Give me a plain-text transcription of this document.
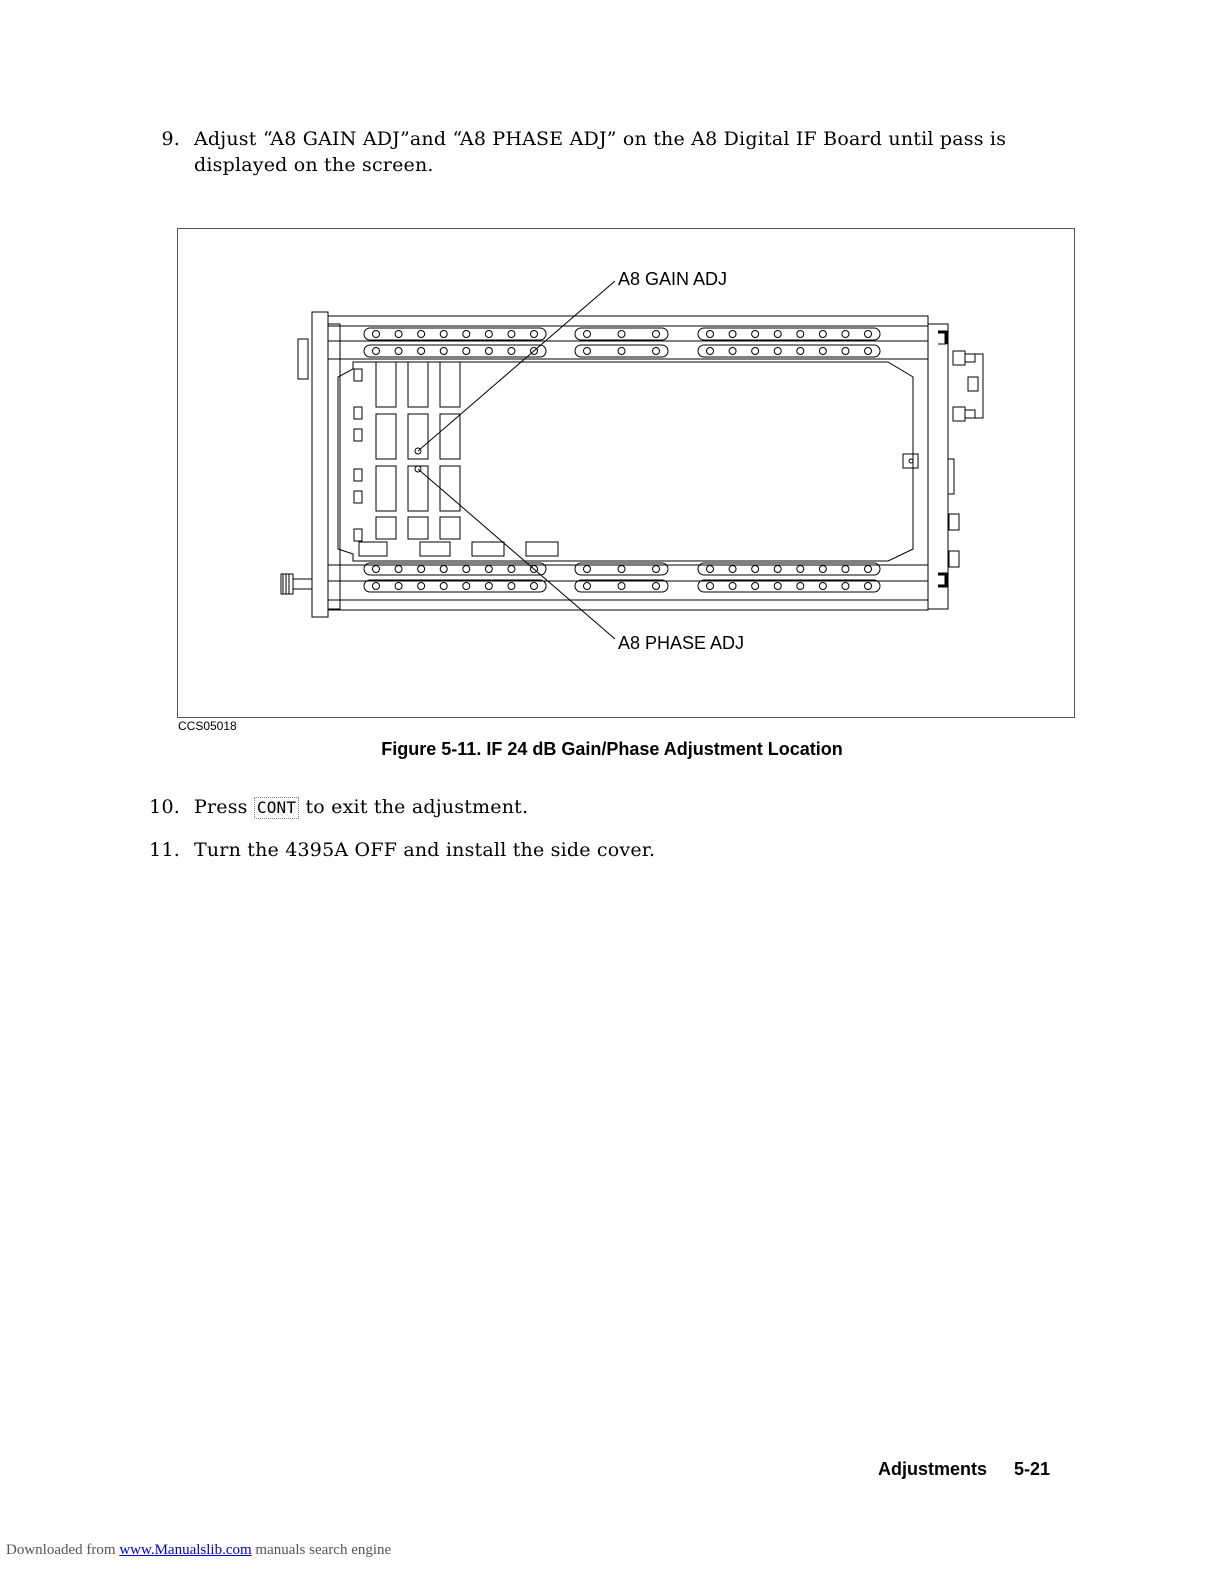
9. Adjust “A8 GAIN ADJ”and “A8 PHASE ADJ” on the A8 Digital IF Board until pass is
displayed on the screen.
A8 GAIN ADJ
A8 PHASE ADJ
CCS05018
Figure 5-11. IF 24 dB Gain/Phase Adjustment Location
10. Press CONT to exit the adjustment.
11. Turn the 4395A OFF and install the side cover.
Adjustments 5-21
Downloaded from www.Manualslib.com manuals search engine
